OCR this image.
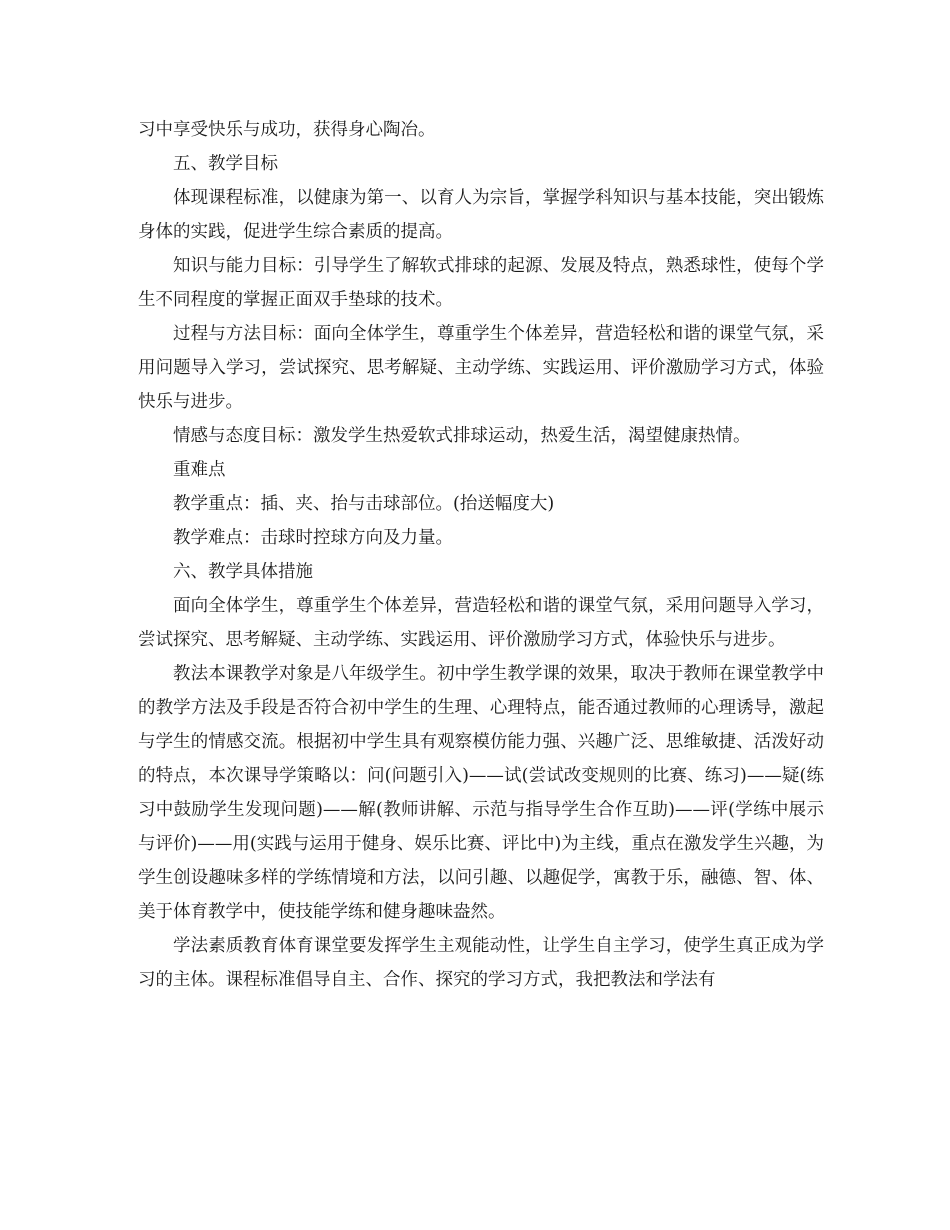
习中享受快乐与成功，获得身心陶冶。

五、教学目标

体现课程标准，以健康为第一、以育人为宗旨，掌握学科知识与基本技能，突出锻炼身体的实践，促进学生综合素质的提高。

知识与能力目标：引导学生了解软式排球的起源、发展及特点，熟悉球性，使每个学生不同程度的掌握正面双手垫球的技术。

过程与方法目标：面向全体学生，尊重学生个体差异，营造轻松和谐的课堂气氛，采用问题导入学习，尝试探究、思考解疑、主动学练、实践运用、评价激励学习方式，体验快乐与进步。

情感与态度目标：激发学生热爱软式排球运动，热爱生活，渴望健康热情。

重难点

教学重点：插、夹、抬与击球部位。(抬送幅度大)

教学难点：击球时控球方向及力量。

六、教学具体措施

面向全体学生，尊重学生个体差异，营造轻松和谐的课堂气氛，采用问题导入学习，尝试探究、思考解疑、主动学练、实践运用、评价激励学习方式，体验快乐与进步。

教法本课教学对象是八年级学生。初中学生教学课的效果，取决于教师在课堂教学中的教学方法及手段是否符合初中学生的生理、心理特点，能否通过教师的心理诱导，激起与学生的情感交流。根据初中学生具有观察模仿能力强、兴趣广泛、思维敏捷、活泼好动的特点，本次课导学策略以：问(问题引入)——试(尝试改变规则的比赛、练习)——疑(练习中鼓励学生发现问题)——解(教师讲解、示范与指导学生合作互助)——评(学练中展示与评价)——用(实践与运用于健身、娱乐比赛、评比中)为主线，重点在激发学生兴趣，为学生创设趣味多样的学练情境和方法，以问引趣、以趣促学，寓教于乐，融德、智、体、美于体育教学中，使技能学练和健身趣味盎然。

学法素质教育体育课堂要发挥学生主观能动性，让学生自主学习，使学生真正成为学习的主体。课程标准倡导自主、合作、探究的学习方式，我把教法和学法有
